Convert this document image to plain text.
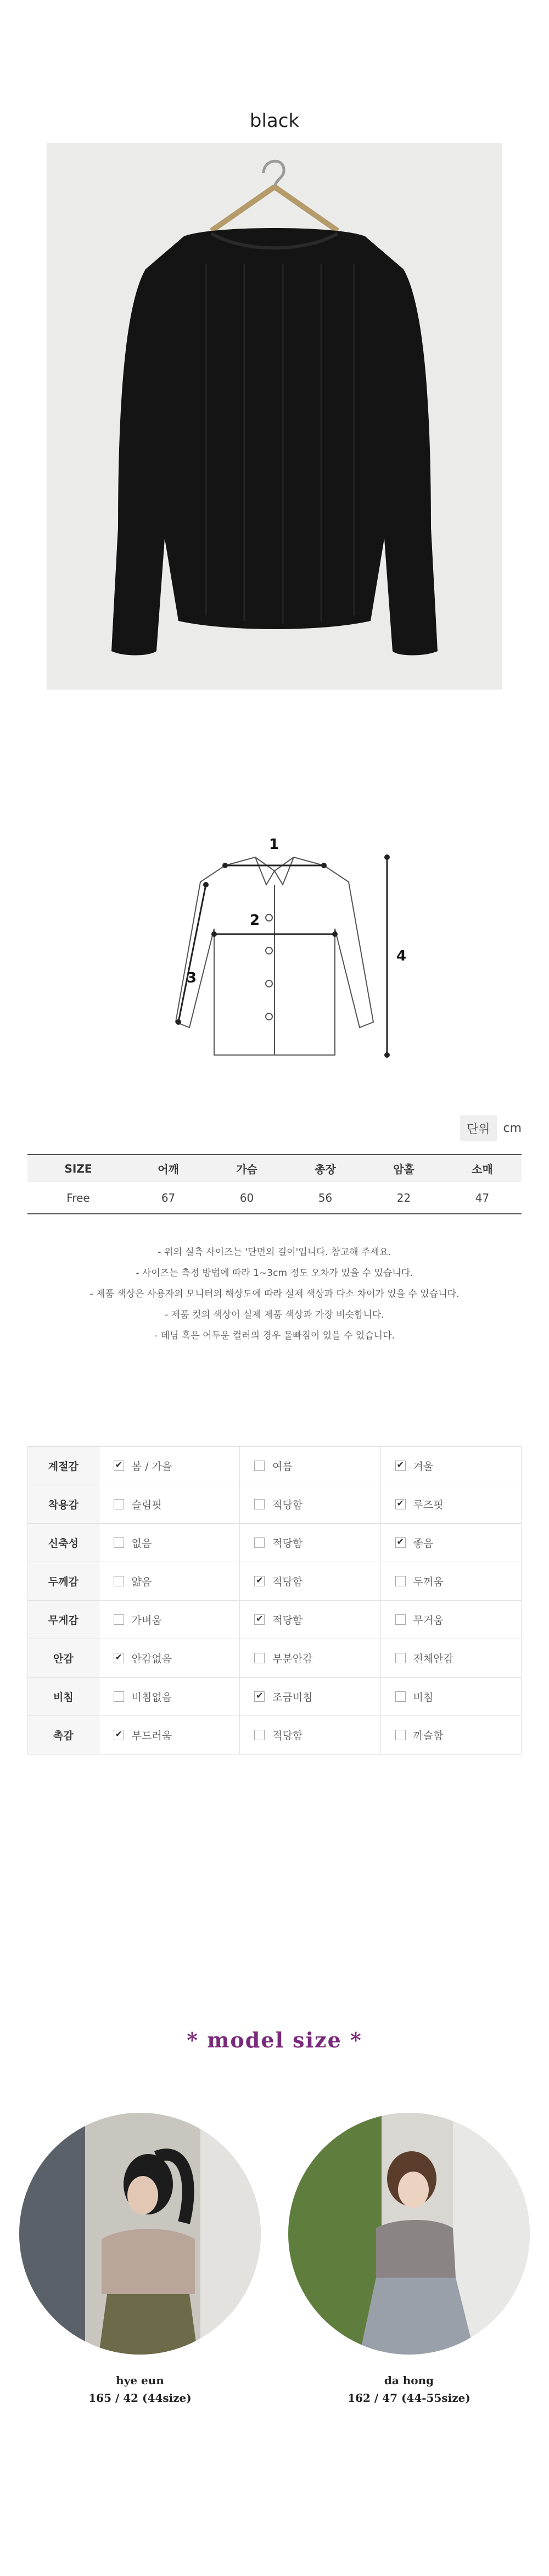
black
1
2
3
4
단위	cm
SIZE	어깨	가슴	총장	암홀	소매
Free	67	60	56	22	47

- 위의 실측 사이즈는 '단면의 길이'입니다. 참고해 주세요.

- 사이즈는 측정 방법에 따라 1~3cm 정도 오차가 있을 수 있습니다.

- 제품 색상은 사용자의 모니터의 해상도에 따라 실제 색상과 다소 차이가 있을 수 있습니다.

- 제품 컷의 색상이 실제 제품 색상과 가장 비슷합니다.

- 데님 혹은 어두운 컬러의 경우 물빠짐이 있을 수 있습니다.

계절감	✔봄 / 가을	여름	✔겨울
착용감	슬림핏	적당함	✔루즈핏
신축성	없음	적당함	✔좋음
두께감	얇음	✔적당함	두꺼움
무게감	가벼움	✔적당함	무거움
안감	✔안감없음	부분안감	전체안감
비침	비침없음	✔조금비침	비침
촉감	✔부드러움	적당함	까슬함
* model size *
hye eun
165 / 42 (44size)
da hong
162 / 47 (44-55size)
